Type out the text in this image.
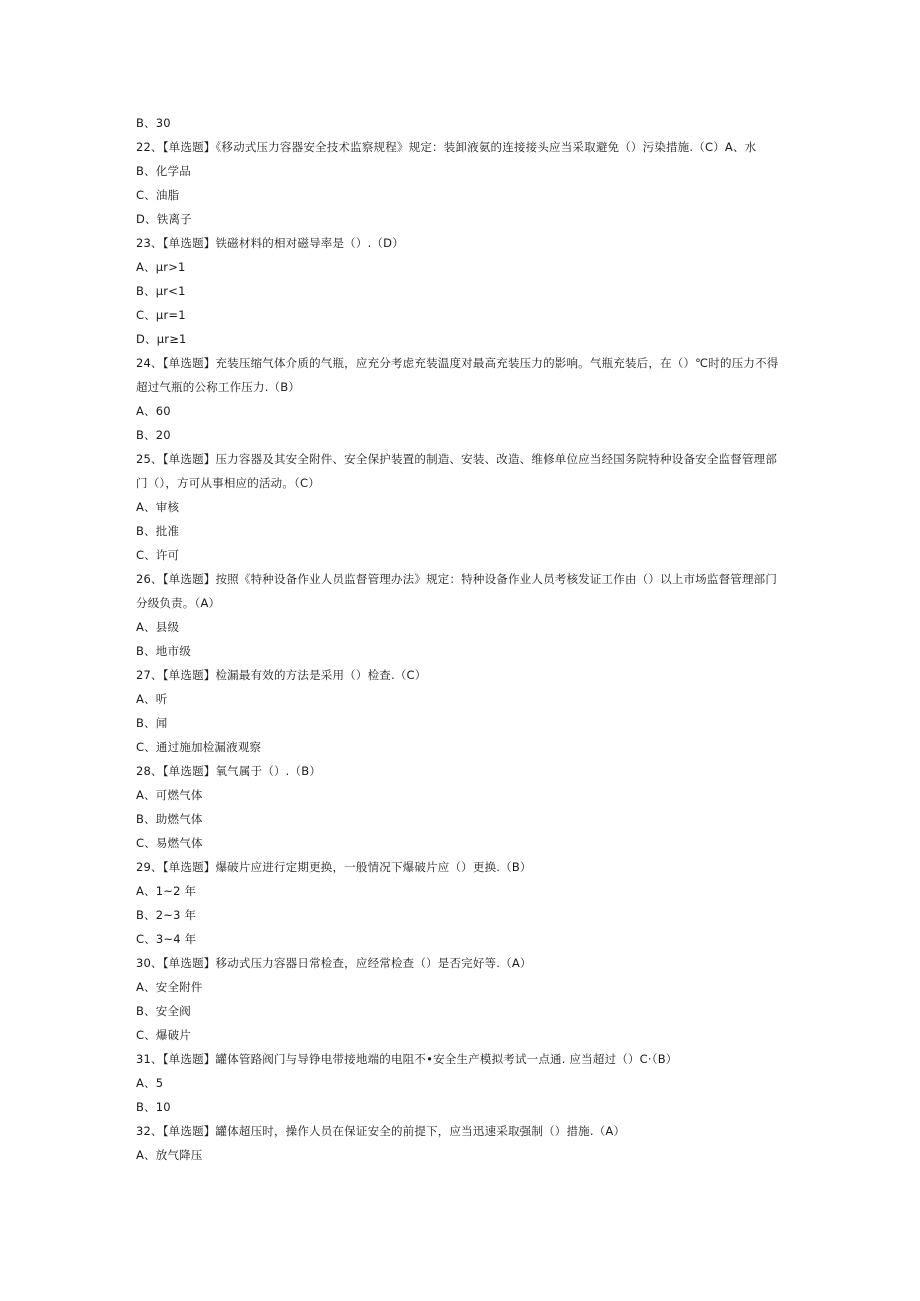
B、30
22、【单选题】《移动式压力容器安全技术监察规程》规定：装卸液氨的连接接头应当采取避免（）污染措施.（C）A、水
B、化学品
C、油脂
D、铁离子
23、【单选题】铁磁材料的相对磁导率是（）.（D）
A、μr>1
B、μr<1
C、μr=1
D、μr≥1
24、【单选题】充装压缩气体介质的气瓶，应充分考虑充装温度对最高充装压力的影响。气瓶充装后，在（）℃时的压力不得
超过气瓶的公称工作压力.（B）
A、60
B、20
25、【单选题】压力容器及其安全附件、安全保护装置的制造、安装、改造、维修单位应当经国务院特种设备安全监督管理部
门（），方可从事相应的活动。（C）
A、审核
B、批准
C、许可
26、【单选题】按照《特种设备作业人员监督管理办法》规定：特种设备作业人员考核发证工作由（）以上市场监督管理部门
分级负责。（A）
A、县级
B、地市级
27、【单选题】检漏最有效的方法是采用（）检查.（C）
A、听
B、闻
C、通过施加检漏液观察
28、【单选题】氧气属于（）.（B）
A、可燃气体
B、助燃气体
C、易燃气体
29、【单选题】爆破片应进行定期更换，一般情况下爆破片应（）更换.（B）
A、1~2 年
B、2~3 年
C、3~4 年
30、【单选题】移动式压力容器日常检查，应经常检查（）是否完好等.（A）
A、安全附件
B、安全阀
C、爆破片
31、【单选题】罐体管路阀门与导铮电带接地端的电阻不•安全生产模拟考试一点通. 应当超过（）C·（B）
A、5
B、10
32、【单选题】罐体超压时，操作人员在保证安全的前提下，应当迅速采取强制（）措施.（A）
A、放气降压
